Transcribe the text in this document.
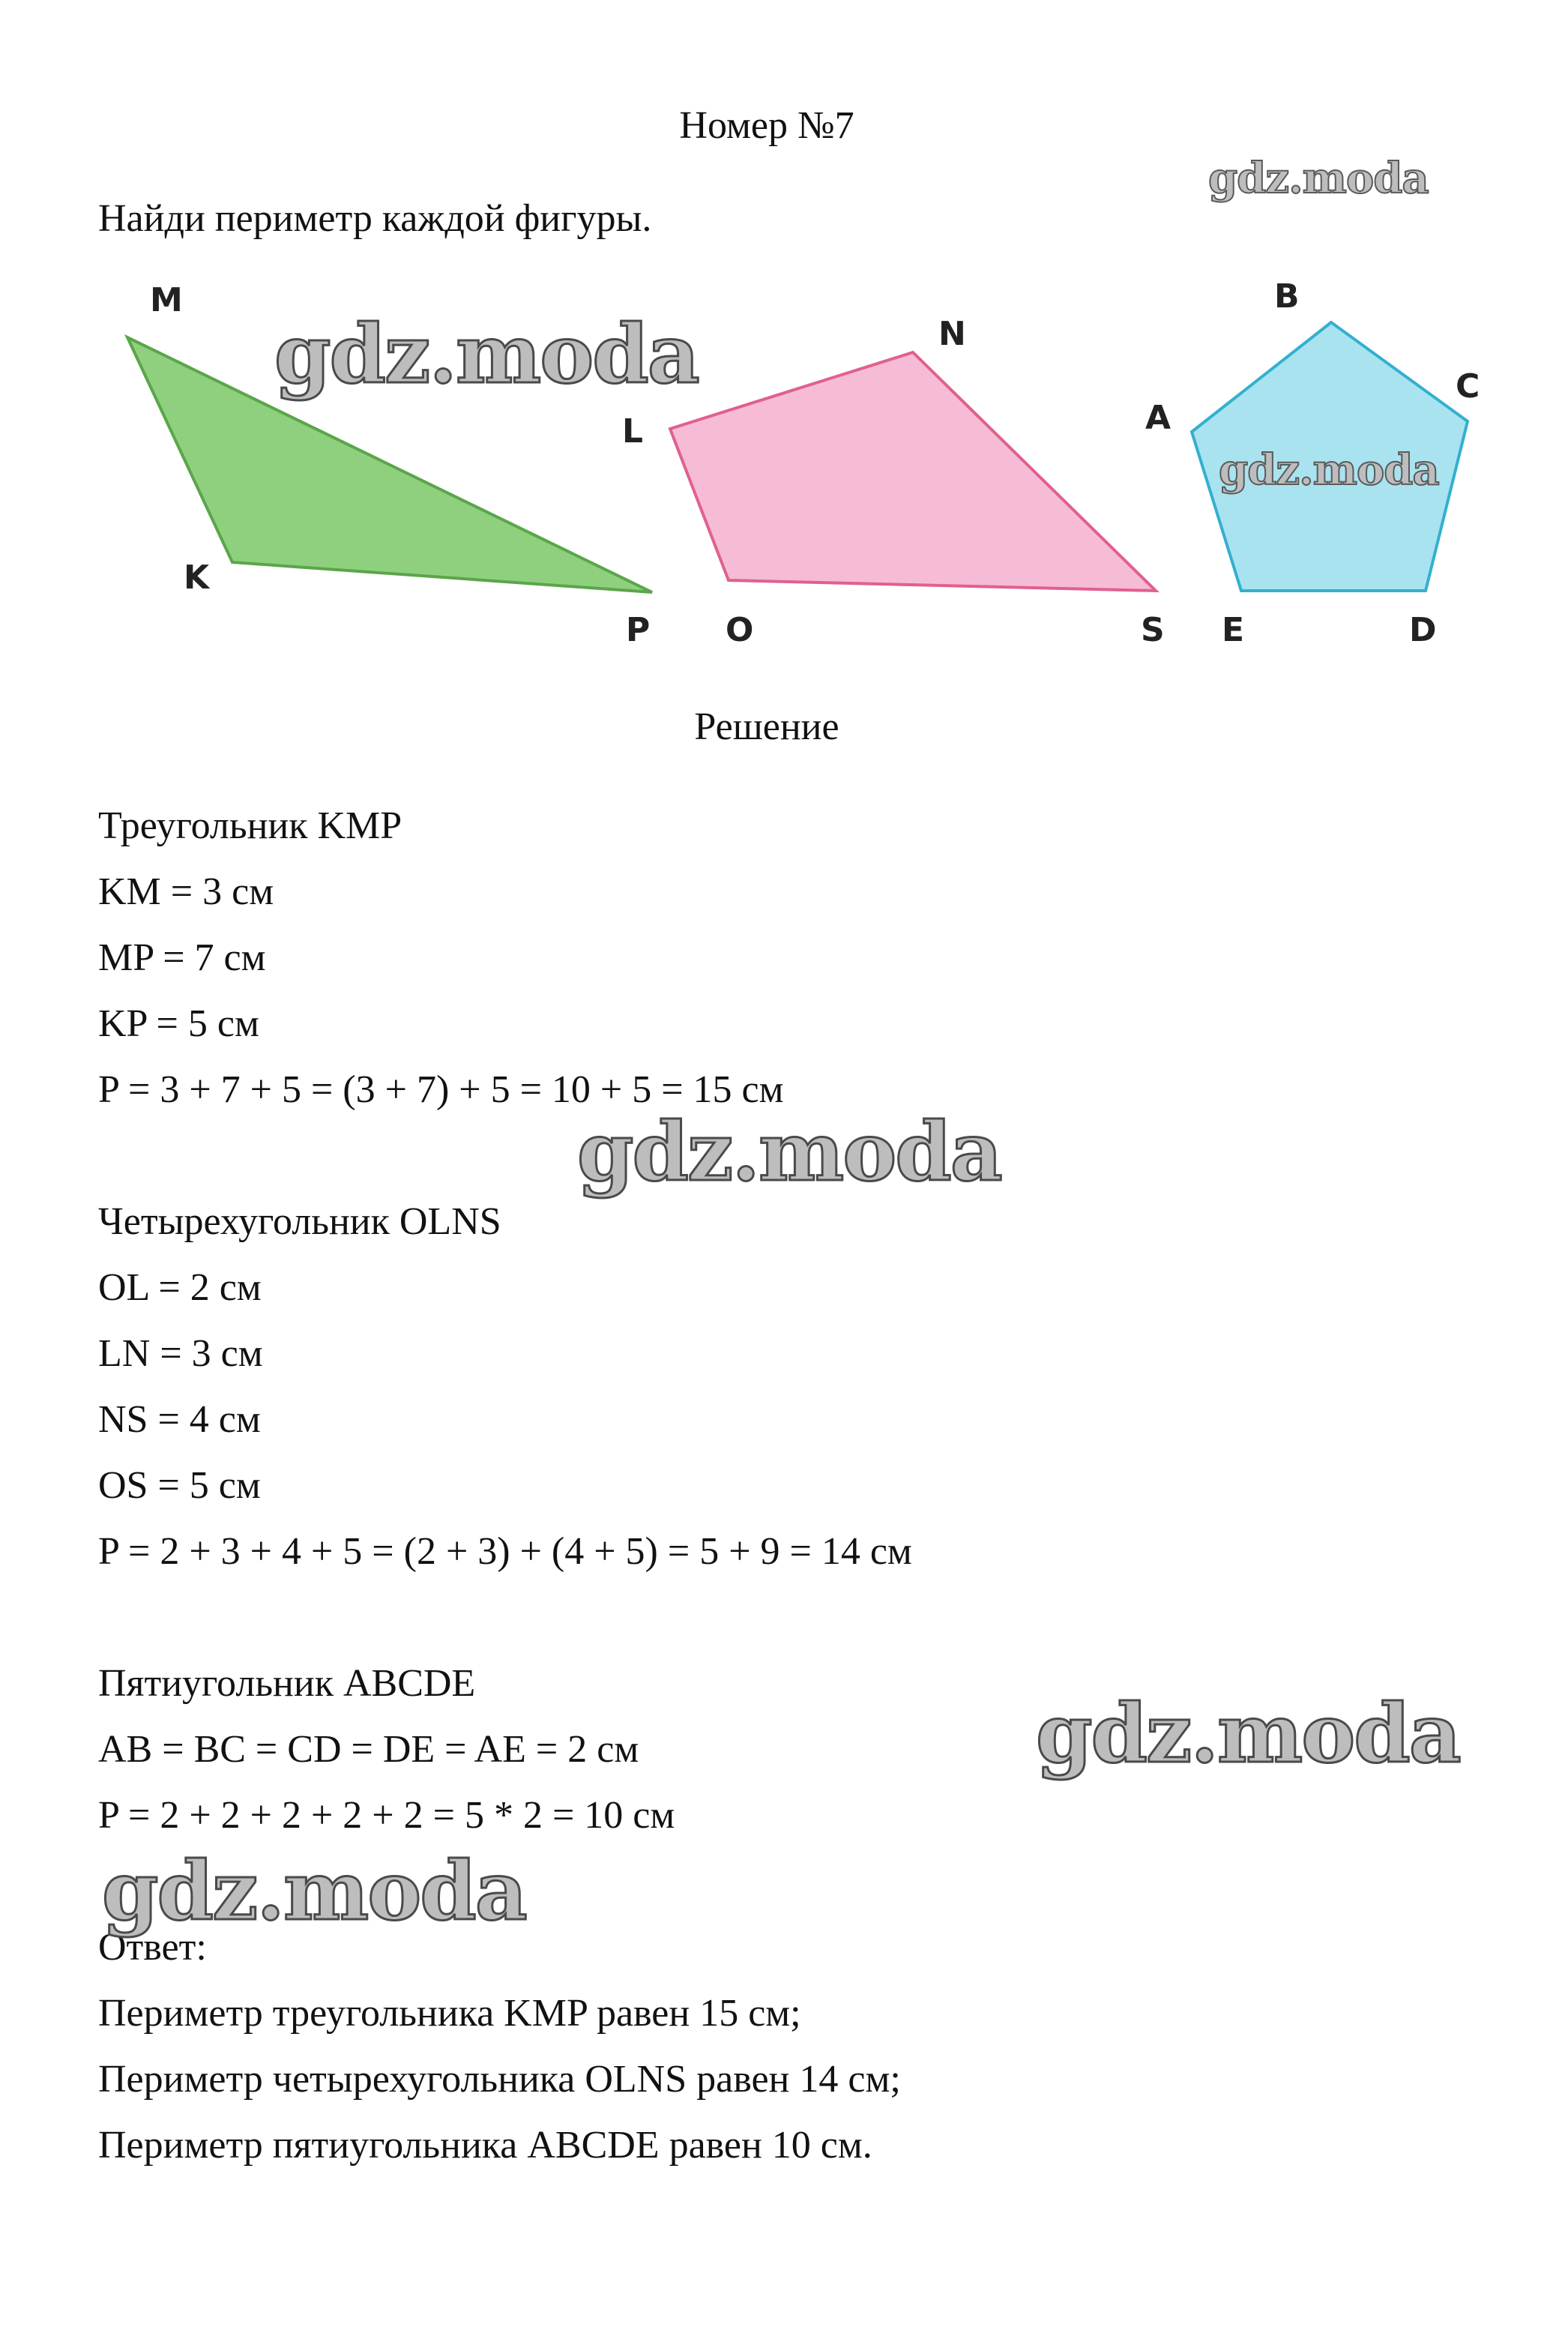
Номер №7
Найди периметр каждой фигуры.
M
K
P
N
L
O	S
B
C
A
E	D
Решение
Треугольник KMP
KM = 3 см
MP = 7 см
KP = 5 см
P = 3 + 7 + 5 = (3 + 7) + 5 = 10 + 5 = 15 см
Четырехугольник OLNS
OL = 2 см
LN = 3 см
NS = 4 см
OS = 5 см
P = 2 + 3 + 4 + 5 = (2 + 3) + (4 + 5) = 5 + 9 = 14 см
Пятиугольник ABCDE
AB = BC = CD = DE = AE = 2 см
P = 2 + 2 + 2 + 2 + 2 = 5 * 2 = 10 см
Ответ:
Периметр треугольника KMP равен 15 см;
Периметр четырехугольника OLNS равен 14 см;
Периметр пятиугольника ABCDE равен 10 см.
gdz.moda
gdz.moda
gdz.moda
gdz.moda
gdz.moda
gdz.moda
